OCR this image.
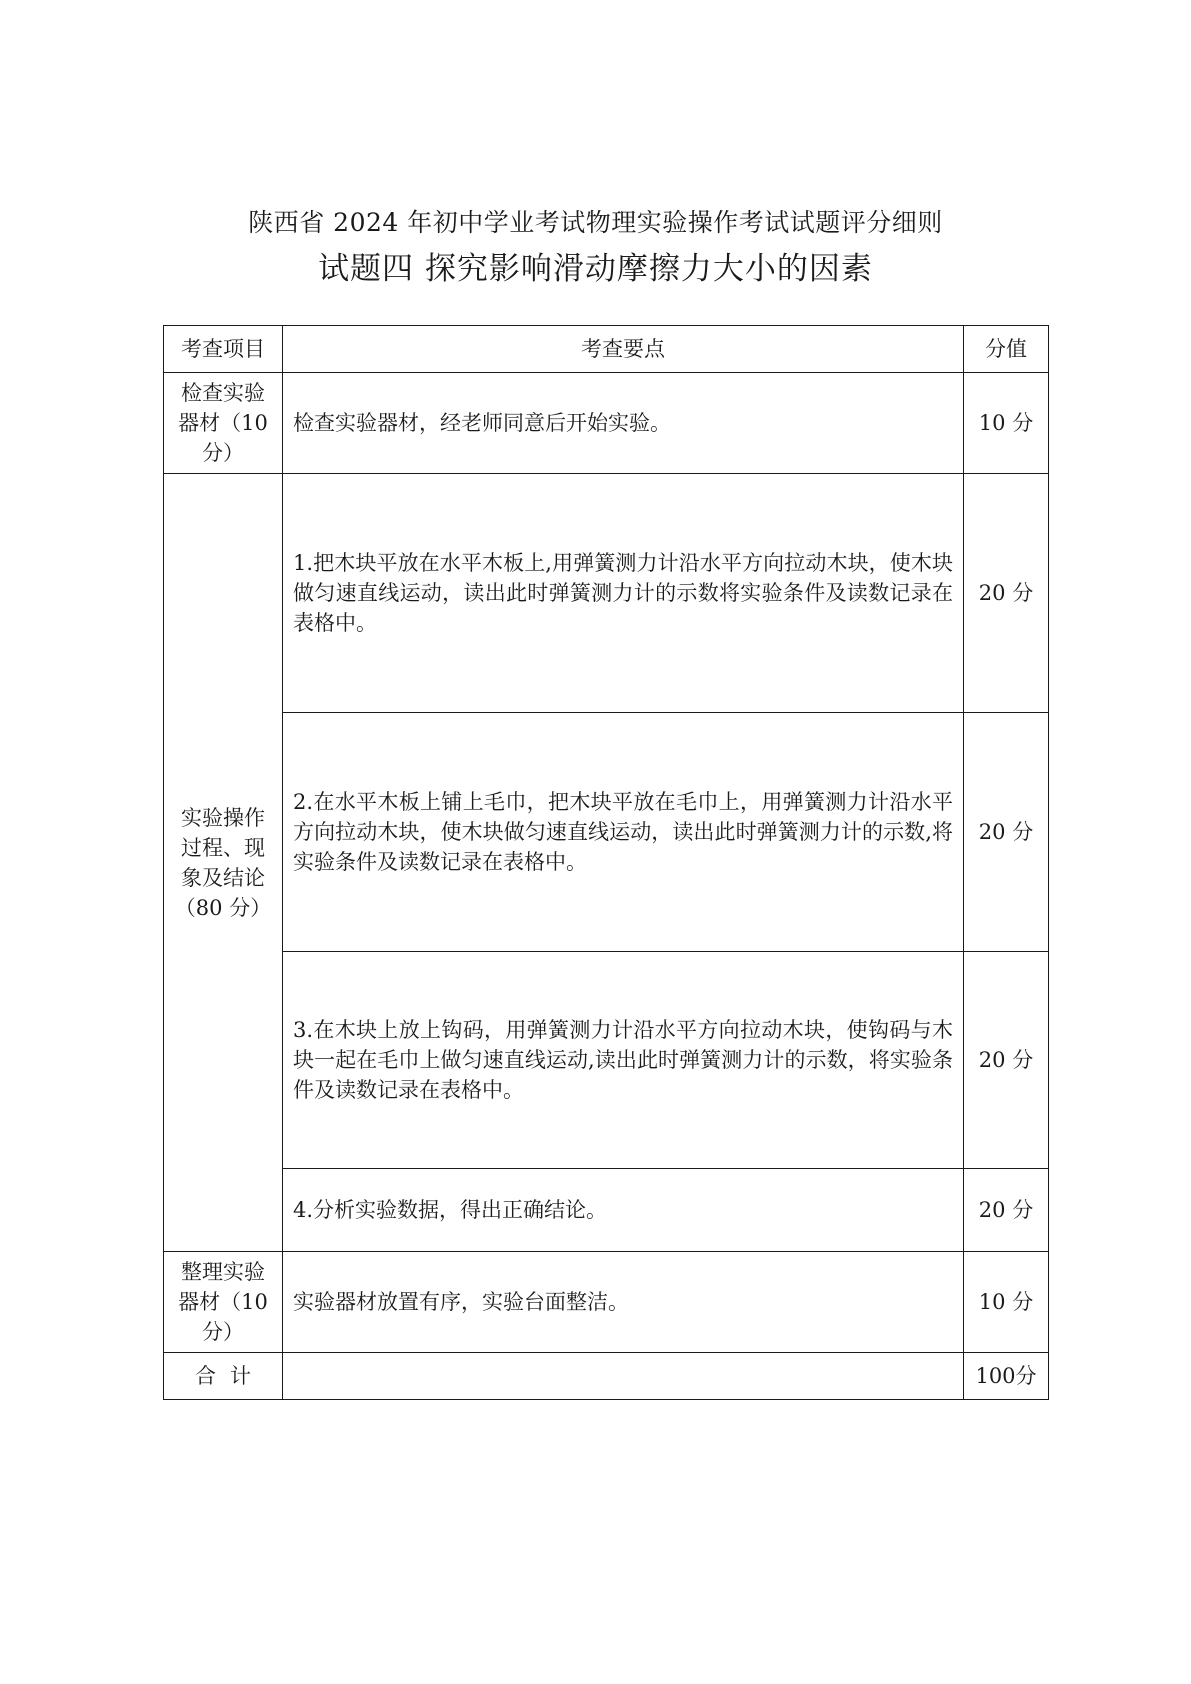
陕西省 2024 年初中学业考试物理实验操作考试试题评分细则
试题四 探究影响滑动摩擦力大小的因素
考查项目	考查要点	分值
检查实验器材（10 分）	检查实验器材，经老师同意后开始实验。	10 分
实验操作过程、现象及结论（80 分）	1.把木块平放在水平木板上,用弹簧测力计沿水平方向拉动木块，使木块做匀速直线运动，读出此时弹簧测力计的示数将实验条件及读数记录在表格中。	20 分

	2.在水平木板上铺上毛巾，把木块平放在毛巾上，用弹簧测力计沿水平方向拉动木块，使木块做匀速直线运动，读出此时弹簧测力计的示数,将实验条件及读数记录在表格中。	20 分

	3.在木块上放上钩码，用弹簧测力计沿水平方向拉动木块，使钩码与木块一起在毛巾上做匀速直线运动,读出此时弹簧测力计的示数，将实验条件及读数记录在表格中。	20 分

	4.分析实验数据，得出正确结论。	20 分
整理实验器材（10 分）	实验器材放置有序，实验台面整洁。	10 分
合计		100分
